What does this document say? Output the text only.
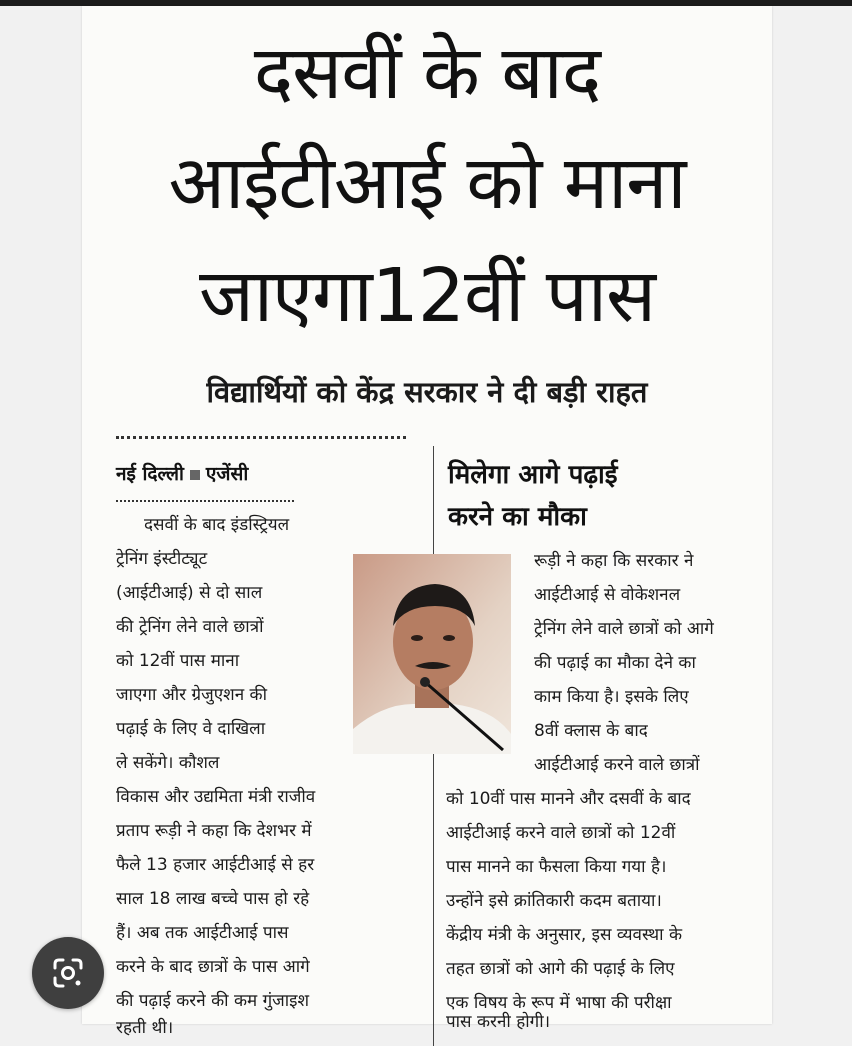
दसवीं के बाद
आईटीआई को माना
जाएगा12वीं पास
विद्यार्थियों को केंद्र सरकार ने दी बड़ी राहत
नई दिल्ली एजेंसी	मिलेगा आगे पढ़ाई
करने का मौका
दसवीं के बाद इंडस्ट्रियल
ट्रेनिंग इंस्टीट्यूट
(आईटीआई) से दो साल
की ट्रेनिंग लेने वाले छात्रों
को 12वीं पास माना
जाएगा और ग्रेजुएशन की
पढ़ाई के लिए वे दाखिला
ले सकेंगे। कौशल
विकास और उद्यमिता मंत्री राजीव
प्रताप रूड़ी ने कहा कि देशभर में
फैले 13 हजार आईटीआई से हर
साल 18 लाख बच्चे पास हो रहे
हैं। अब तक आईटीआई पास
करने के बाद छात्रों के पास आगे
की पढ़ाई करने की कम गुंजाइश
रहती थी।
रूड़ी ने कहा कि सरकार ने
आईटीआई से वोकेशनल
ट्रेनिंग लेने वाले छात्रों को आगे
की पढ़ाई का मौका देने का
काम किया है। इसके लिए
8वीं क्लास के बाद
आईटीआई करने वाले छात्रों
को 10वीं पास मानने और दसवीं के बाद
आईटीआई करने वाले छात्रों को 12वीं
पास मानने का फैसला किया गया है।
उन्होंने इसे क्रांतिकारी कदम बताया।
केंद्रीय मंत्री के अनुसार, इस व्यवस्था के
तहत छात्रों को आगे की पढ़ाई के लिए
एक विषय के रूप में भाषा की परीक्षा
पास करनी होगी।
